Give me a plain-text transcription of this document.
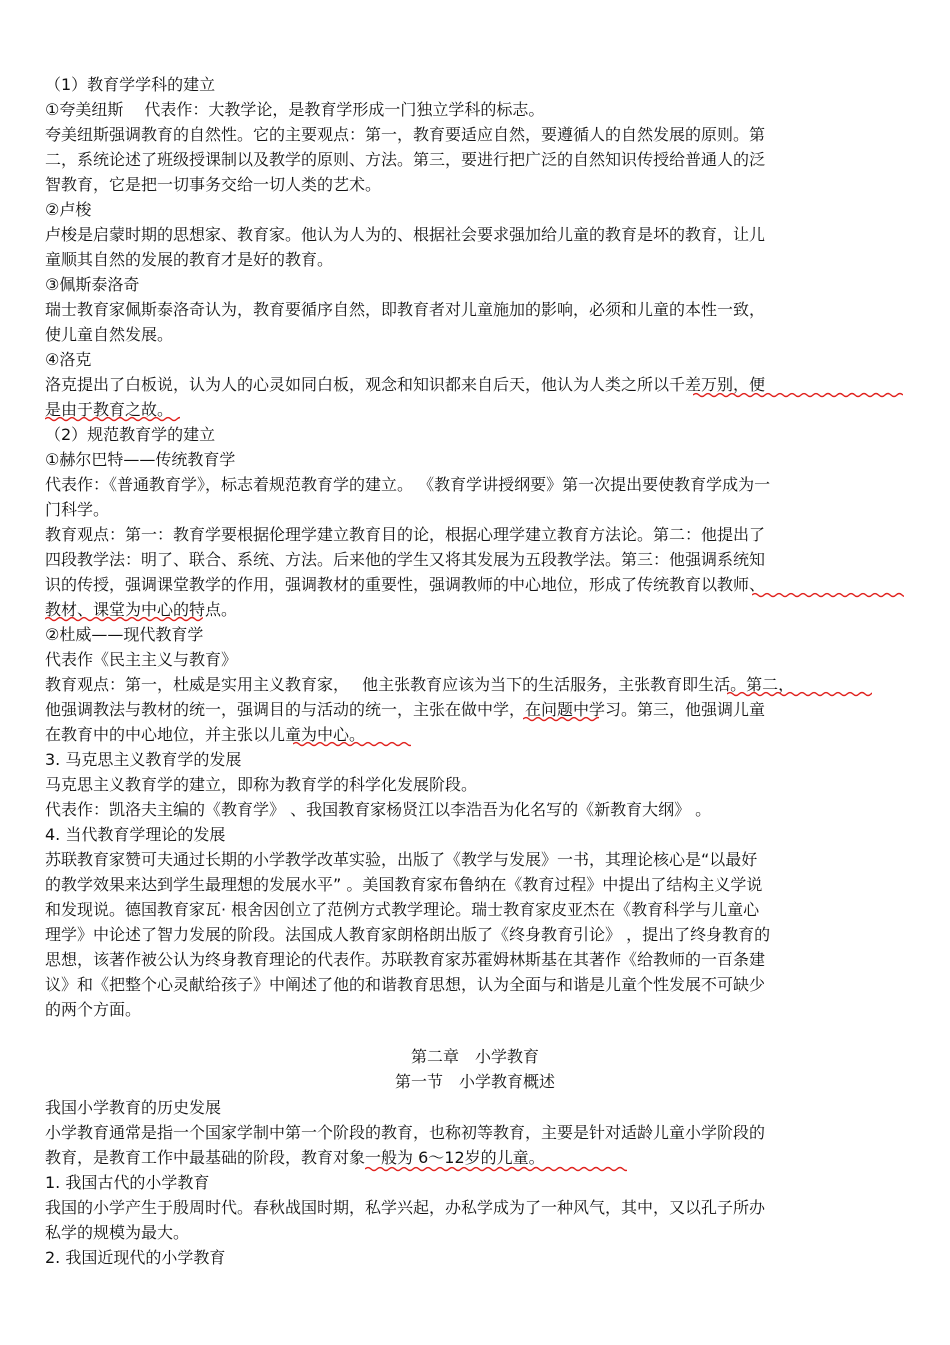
（1）教育学学科的建立
①夸美纽斯　 代表作：大教学论，是教育学形成一门独立学科的标志。
夸美纽斯强调教育的自然性。它的主要观点：第一，教育要适应自然，要遵循人的自然发展的原则。第
二，系统论述了班级授课制以及教学的原则、方法。第三，要进行把广泛的自然知识传授给普通人的泛
智教育，它是把一切事务交给一切人类的艺术。
②卢梭
卢梭是启蒙时期的思想家、教育家。他认为人为的、根据社会要求强加给儿童的教育是坏的教育，让儿
童顺其自然的发展的教育才是好的教育。
③佩斯泰洛奇
瑞士教育家佩斯泰洛奇认为，教育要循序自然，即教育者对儿童施加的影响，必须和儿童的本性一致，
使儿童自然发展。
④洛克
洛克提出了白板说，认为人的心灵如同白板，观念和知识都来自后天，他认为人类之所以千差万别，便
是由于教育之故。
（2）规范教育学的建立
①赫尔巴特——传统教育学
代表作：《普通教育学》，标志着规范教育学的建立。 《教育学讲授纲要》第一次提出要使教育学成为一
门科学。
教育观点：第一：教育学要根据伦理学建立教育目的论，根据心理学建立教育方法论。第二：他提出了
四段教学法：明了、联合、系统、方法。后来他的学生又将其发展为五段教学法。第三：他强调系统知
识的传授，强调课堂教学的作用，强调教材的重要性，强调教师的中心地位，形成了传统教育以教师、
教材、课堂为中心的特点。
②杜威——现代教育学
代表作《民主主义与教育》
教育观点：第一，杜威是实用主义教育家，　 他主张教育应该为当下的生活服务，主张教育即生活。第二，
他强调教法与教材的统一，强调目的与活动的统一，主张在做中学，在问题中学习。第三，他强调儿童
在教育中的中心地位，并主张以儿童为中心。
3. 马克思主义教育学的发展
马克思主义教育学的建立，即称为教育学的科学化发展阶段。
代表作：凯洛夫主编的《教育学》 、我国教育家杨贤江以李浩吾为化名写的《新教育大纲》 。
4. 当代教育学理论的发展
苏联教育家赞可夫通过长期的小学教学改革实验，出版了《教学与发展》一书，其理论核心是“以最好
的教学效果来达到学生最理想的发展水平” 。美国教育家布鲁纳在《教育过程》中提出了结构主义学说
和发现说。德国教育家瓦· 根舍因创立了范例方式教学理论。瑞士教育家皮亚杰在《教育科学与儿童心
理学》中论述了智力发展的阶段。法国成人教育家朗格朗出版了《终身教育引论》 ，提出了终身教育的
思想，该著作被公认为终身教育理论的代表作。苏联教育家苏霍姆林斯基在其著作《给教师的一百条建
议》和《把整个心灵献给孩子》中阐述了他的和谐教育思想，认为全面与和谐是儿童个性发展不可缺少
的两个方面。
第二章　小学教育
第一节　小学教育概述
我国小学教育的历史发展
小学教育通常是指一个国家学制中第一个阶段的教育，也称初等教育，主要是针对适龄儿童小学阶段的
教育，是教育工作中最基础的阶段，教育对象一般为 6～12岁的儿童。
1. 我国古代的小学教育
我国的小学产生于殷周时代。春秋战国时期，私学兴起，办私学成为了一种风气，其中，又以孔子所办
私学的规模为最大。
2. 我国近现代的小学教育
